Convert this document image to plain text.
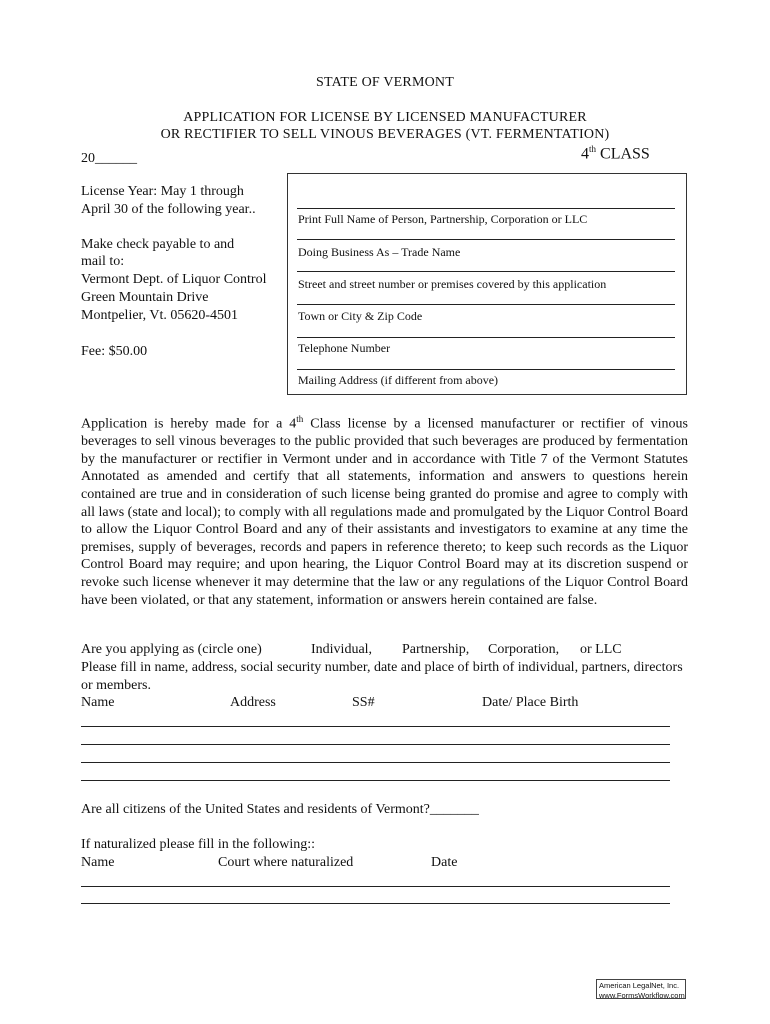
STATE OF VERMONT
APPLICATION FOR LICENSE BY LICENSED MANUFACTURER
OR RECTIFIER TO SELL VINOUS BEVERAGES (VT. FERMENTATION)
20______	4th CLASS
License Year: May 1 through
April 30 of the following year..
Make check payable to and
mail to:
Vermont Dept. of Liquor Control
Green Mountain Drive
Montpelier, Vt. 05620-4501
Fee: $50.00
Print Full Name of Person, Partnership, Corporation or LLC
Doing Business As – Trade Name
Street and street number or premises covered by this application
Town or City & Zip Code
Telephone Number
Mailing Address (if different from above)
Application is hereby made for a 4th Class license by a licensed manufacturer or rectifier of vinous beverages to sell vinous beverages to the public provided that such beverages are produced by fermentation by the manufacturer or rectifier in Vermont under and in accordance with Title 7 of the Vermont Statutes Annotated as amended and certify that all statements, information and answers to questions herein contained are true and in consideration of such license being granted do promise and agree to comply with all laws (state and local); to comply with all regulations made and promulgated by the Liquor Control Board to allow the Liquor Control Board and any of their assistants and investigators to examine at any time the premises, supply of beverages, records and papers in reference thereto; to keep such records as the Liquor Control Board may require; and upon hearing, the Liquor Control Board may at its discretion suspend or revoke such license whenever it may determine that the law or any regulations of the Liquor Control Board have been violated, or that any statement, information or answers herein contained are false.
Are you applying as (circle one)	Individual, Partnership, Corporation, or LLC
Please fill in name, address, social security number, date and place of birth of individual, partners, directors or members.
Name	Address	SS#	Date/ Place Birth
Are all citizens of the United States and residents of Vermont?_______
If naturalized please fill in the following::
Name	Court where naturalized	Date
American LegalNet, Inc.
www.FormsWorkflow.com
